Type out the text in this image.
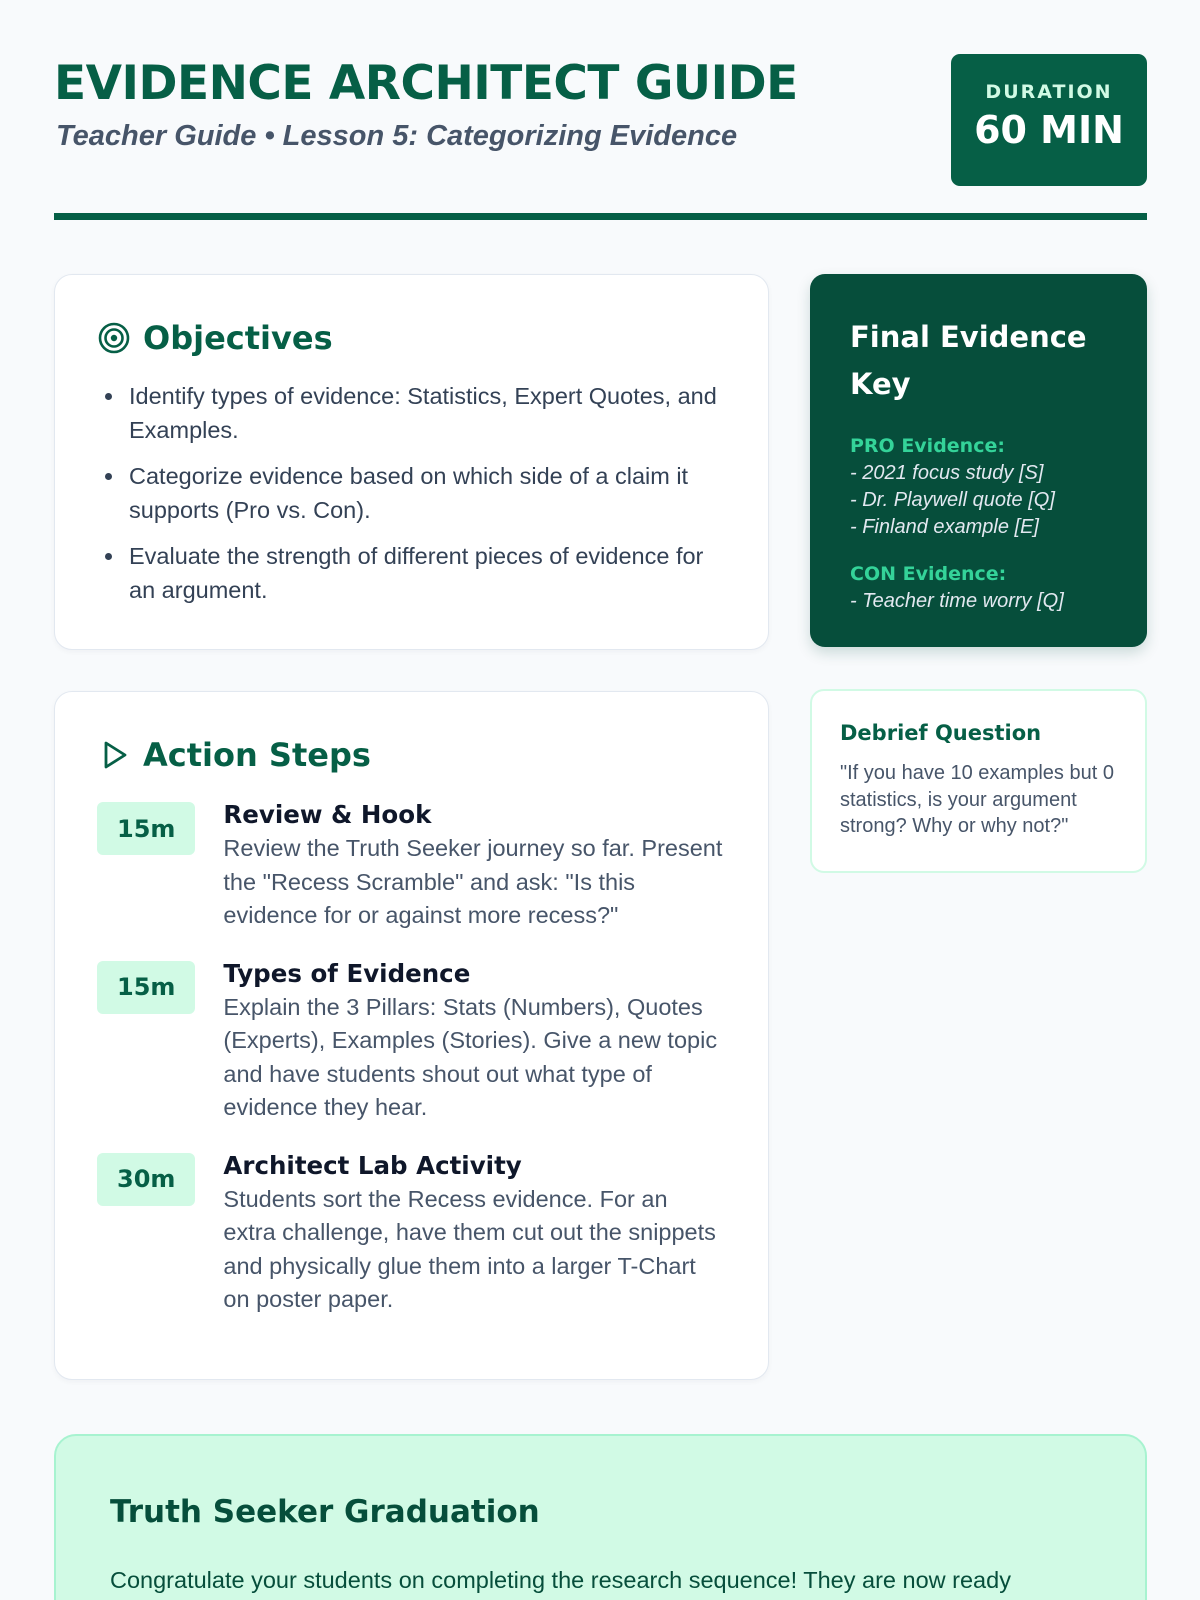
EVIDENCE ARCHITECT GUIDE
Teacher Guide • Lesson 5: Categorizing Evidence
DURATION
60 MIN
Objectives
Identify types of evidence: Statistics, Expert Quotes, and Examples.
Categorize evidence based on which side of a claim it supports (Pro vs. Con).
Evaluate the strength of different pieces of evidence for an argument.
Action Steps
15m	Review & Hook
Review the Truth Seeker journey so far. Present the "Recess Scramble" and ask: "Is this evidence for or against more recess?"
15m	Types of Evidence
Explain the 3 Pillars: Stats (Numbers), Quotes (Experts), Examples (Stories). Give a new topic and have students shout out what type of evidence they hear.
30m	Architect Lab Activity
Students sort the Recess evidence. For an extra challenge, have them cut out the snippets and physically glue them into a larger T-Chart on poster paper.
Final Evidence Key
PRO Evidence:
- 2021 focus study [S]
- Dr. Playwell quote [Q]
- Finland example [E]
CON Evidence:
- Teacher time worry [Q]
Debrief Question

"If you have 10 examples but 0 statistics, is your argument strong? Why or why not?"

Truth Seeker Graduation

Congratulate your students on completing the research sequence! They are now ready
